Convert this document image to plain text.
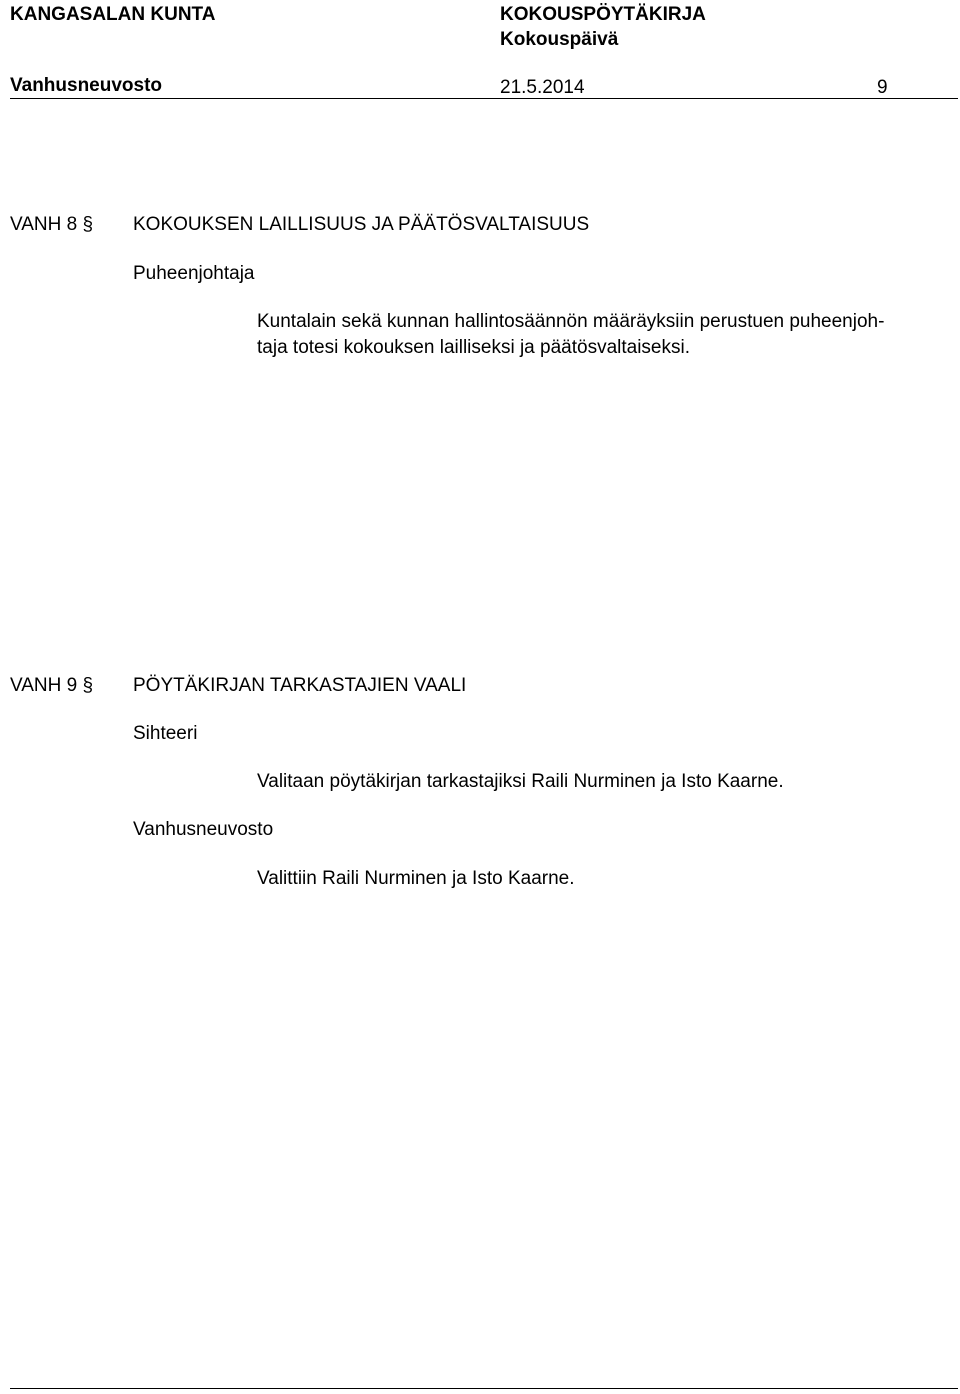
KANGASALAN KUNTA	KOKOUSPÖYTÄKIRJA
Kokouspäivä
Vanhusneuvosto	21.5.2014	9
VANH 8 § KOKOUKSEN LAILLISUUS JA PÄÄTÖSVALTAISUUS
Puheenjohtaja
Kuntalain sekä kunnan hallintosäännön määräyksiin perustuen puheenjoh-
taja totesi kokouksen lailliseksi ja päätösvaltaiseksi.
VANH 9 § PÖYTÄKIRJAN TARKASTAJIEN VAALI
Sihteeri
Valitaan pöytäkirjan tarkastajiksi Raili Nurminen ja Isto Kaarne.
Vanhusneuvosto
Valittiin Raili Nurminen ja Isto Kaarne.
